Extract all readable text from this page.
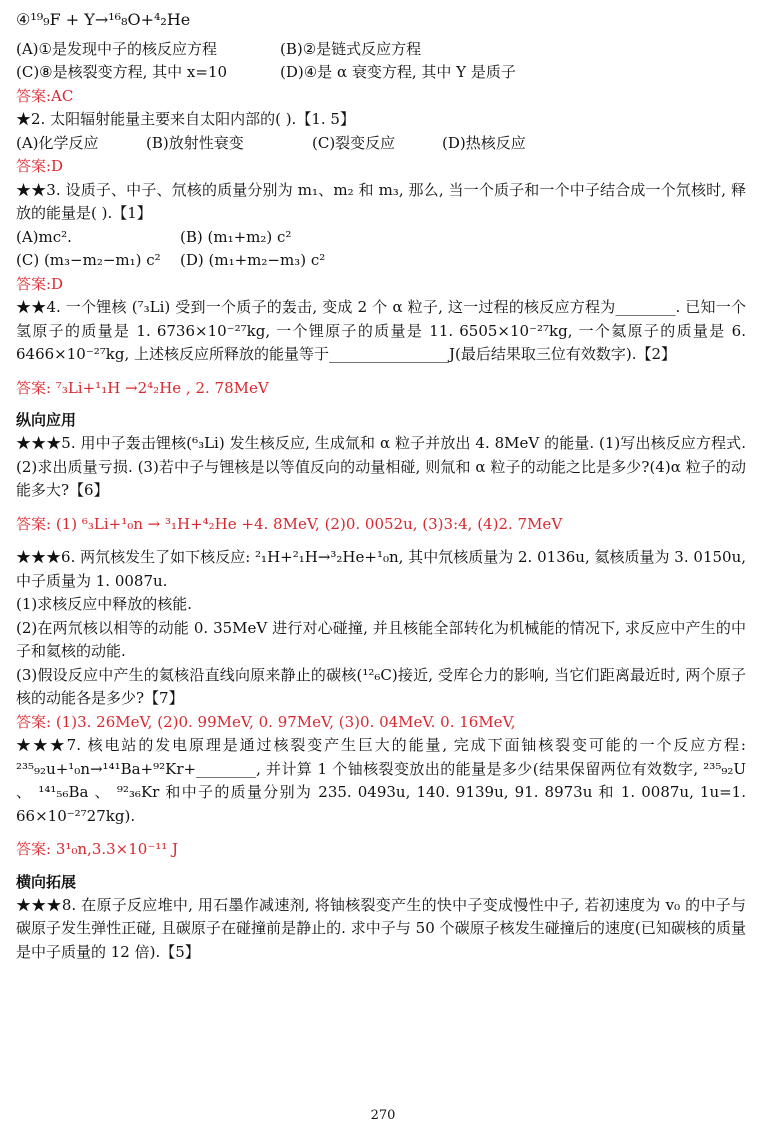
④¹⁹₉F + Y→¹⁶₈O+⁴₂He
(A)①是发现中子的核反应方程	(B)②是链式反应方程
(C)⑧是核裂变方程, 其中 x=10	(D)④是 α 衰变方程, 其中 Y 是质子
答案:AC
★2. 太阳辐射能量主要来自太阳内部的( ).【1. 5】
(A)化学反应	(B)放射性衰变	(C)裂变反应	(D)热核反应
答案:D
★★3. 设质子、中子、氘核的质量分别为 m₁、m₂ 和 m₃, 那么, 当一个质子和一个中子结合成一个氘核时, 释放的能量是( ).【1】
(A)mc².	(B) (m₁+m₂) c²
(C) (m₃−m₂−m₁) c²	(D) (m₁+m₂−m₃) c²
答案:D
★★4. 一个锂核 (⁷₃Li) 受到一个质子的轰击, 变成 2 个 α 粒子, 这一过程的核反应方程为________. 已知一个氢原子的质量是 1. 6736×10⁻²⁷kg, 一个锂原子的质量是 11. 6505×10⁻²⁷kg, 一个氦原子的质量是 6. 6466×10⁻²⁷kg, 上述核反应所释放的能量等于________________J(最后结果取三位有效数字).【2】
答案: ⁷₃Li+¹₁H →2⁴₂He , 2. 78MeV
纵向应用
★★★5. 用中子轰击锂核(⁶₃Li) 发生核反应, 生成氚和 α 粒子并放出 4. 8MeV 的能量. (1)写出核反应方程式. (2)求出质量亏损. (3)若中子与锂核是以等值反向的动量相碰, 则氚和 α 粒子的动能之比是多少?(4)α 粒子的动能多大?【6】
答案: (1) ⁶₃Li+¹₀n → ³₁H+⁴₂He +4. 8MeV, (2)0. 0052u, (3)3:4, (4)2. 7MeV
★★★6. 两氘核发生了如下核反应: ²₁H+²₁H→³₂He+¹₀n, 其中氘核质量为 2. 0136u, 氦核质量为 3. 0150u, 中子质量为 1. 0087u.
(1)求核反应中释放的核能.
(2)在两氘核以相等的动能 0. 35MeV 进行对心碰撞, 并且核能全部转化为机械能的情况下, 求反应中产生的中子和氦核的动能.
(3)假设反应中产生的氦核沿直线向原来静止的碳核(¹²₆C)接近, 受库仑力的影响, 当它们距离最近时, 两个原子核的动能各是多少?【7】
答案: (1)3. 26MeV, (2)0. 99MeV, 0. 97MeV, (3)0. 04MeV. 0. 16MeV,
★★★7. 核电站的发电原理是通过核裂变产生巨大的能量, 完成下面铀核裂变可能的一个反应方程: ²³⁵₉₂u+¹₀n→¹⁴¹Ba+⁹²Kr+________, 并计算 1 个铀核裂变放出的能量是多少(结果保留两位有效数字, ²³⁵₉₂U 、 ¹⁴¹₅₆Ba 、 ⁹²₃₆Kr 和中子的质量分别为 235. 0493u, 140. 9139u, 91. 8973u 和 1. 0087u, 1u=1. 66×10⁻²⁷27kg).
答案: 3¹₀n,3.3×10⁻¹¹ J
横向拓展
★★★8. 在原子反应堆中, 用石墨作减速剂, 将铀核裂变产生的快中子变成慢性中子, 若初速度为 v₀ 的中子与碳原子发生弹性正碰, 且碳原子在碰撞前是静止的. 求中子与 50 个碳原子核发生碰撞后的速度(已知碳核的质量是中子质量的 12 倍).【5】
270
